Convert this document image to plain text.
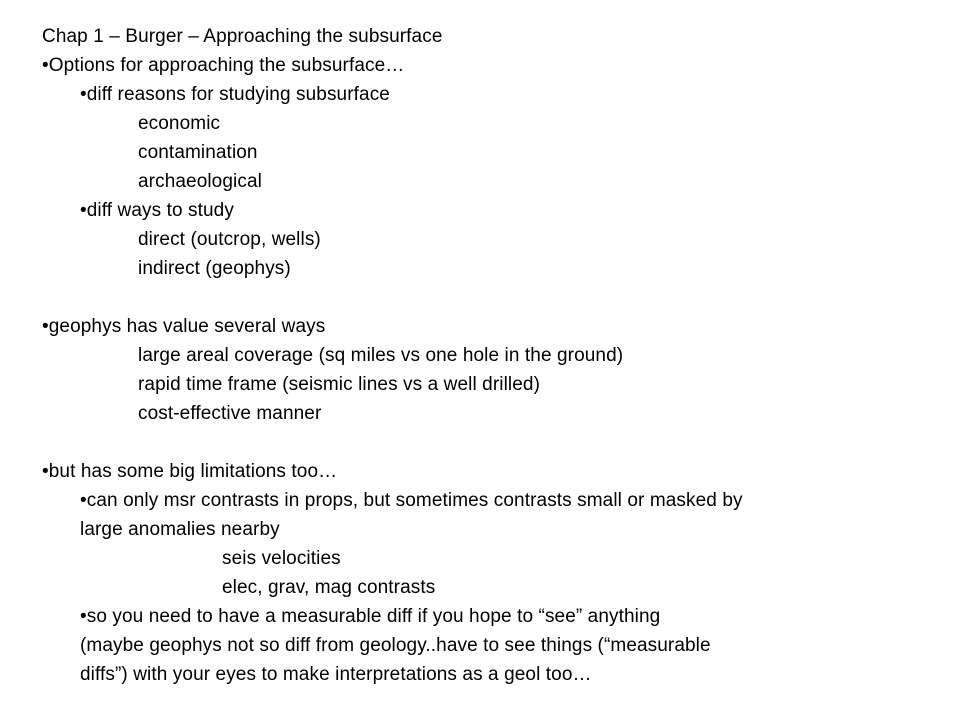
Chap 1 – Burger – Approaching the subsurface
• Options for approaching the subsurface…
• diff reasons for studying subsurface
economic
contamination
archaeological
• diff ways to study
direct (outcrop, wells)
indirect (geophys)
• geophys has value several ways
large areal coverage (sq miles vs one hole in the ground)
rapid time frame (seismic lines vs a well drilled)
cost-effective manner
• but has some big limitations too…
• can only msr contrasts in props, but sometimes contrasts small or masked by
large anomalies nearby
seis velocities
elec, grav, mag contrasts
• so you need to have a measurable diff if you hope to “see” anything
(maybe geophys not so diff from geology..have to see things (“measurable
diffs”) with your eyes to make interpretations as a geol too…
